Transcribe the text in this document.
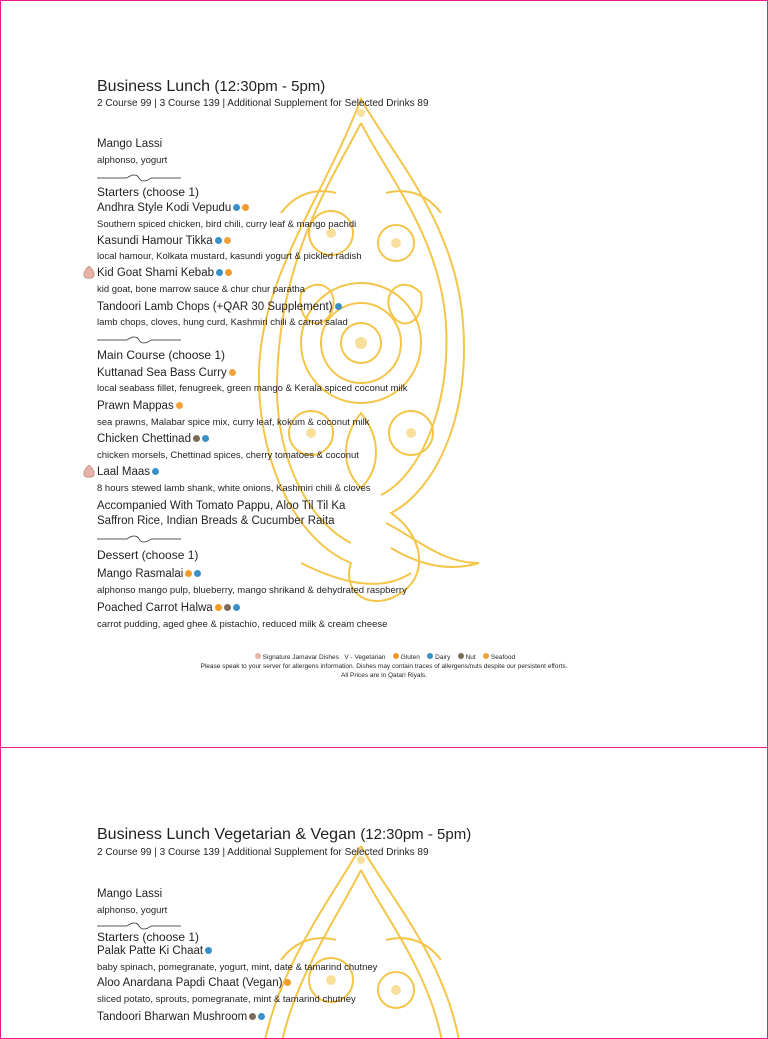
Business Lunch (12:30pm - 5pm)
2 Course 99 | 3 Course 139 | Additional Supplement for Selected Drinks 89
Mango Lassi
alphonso, yogurt
Starters (choose 1)
Andhra Style Kodi Vepudu
Southern spiced chicken, bird chili, curry leaf & mango pachdi
Kasundi Hamour Tikka
local hamour, Kolkata mustard, kasundi yogurt & pickled radish
Kid Goat Shami Kebab
kid goat, bone marrow sauce & chur chur paratha
Tandoori Lamb Chops (+QAR 30 Supplement)
lamb chops, cloves, hung curd, Kashmiri chili & carrot salad
Main Course (choose 1)
Kuttanad Sea Bass Curry
local seabass fillet, fenugreek, green mango & Kerala spiced coconut milk
Prawn Mappas
sea prawns, Malabar spice mix, curry leaf, kokum & coconut milk
Chicken Chettinad
chicken morsels, Chettinad spices, cherry tomatoes & coconut
Laal Maas
8 hours stewed lamb shank, white onions, Kashmiri chili & cloves
Accompanied With Tomato Pappu, Aloo Til Til Ka
Saffron Rice, Indian Breads & Cucumber Raita
Dessert (choose 1)
Mango Rasmalai
alphonso mango pulp, blueberry, mango shrikand & dehydrated raspberry
Poached Carrot Halwa
carrot pudding, aged ghee & pistachio, reduced milk & cream cheese
Signature Jamavar Dishes V - Vegetarian Gluten Dairy Nut Seafood
Please speak to your server for allergens information. Dishes may contain traces of allergens/nuts despite our persistent efforts.
All Prices are in Qatari Riyals.
Business Lunch Vegetarian & Vegan (12:30pm - 5pm)
2 Course 99 | 3 Course 139 | Additional Supplement for Selected Drinks 89
Mango Lassi
alphonso, yogurt
Starters (choose 1)
Palak Patte Ki Chaat
baby spinach, pomegranate, yogurt, mint, date & tamarind chutney
Aloo Anardana Papdi Chaat (Vegan)
sliced potato, sprouts, pomegranate, mint & tamarind chutney
Tandoori Bharwan Mushroom
